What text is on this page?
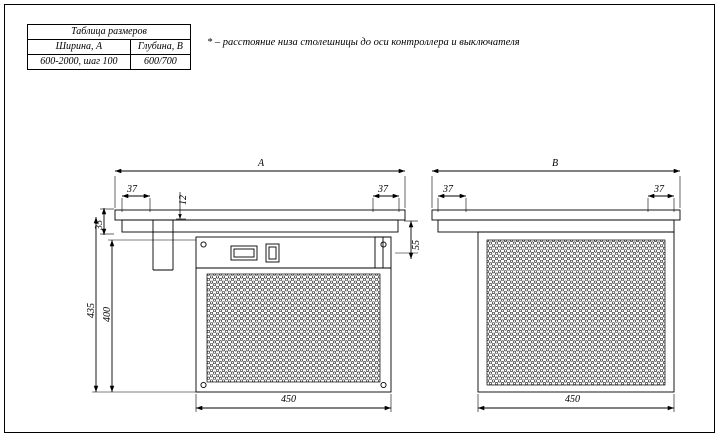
Таблица размеров	
Ширина, А	Глубина, В
600-2000, шаг 100	600/700
* – расстояние низа столешницы до оси контроллера и выключателя
А
37
12
37
35
55
435 400
450
В
37	37
450
